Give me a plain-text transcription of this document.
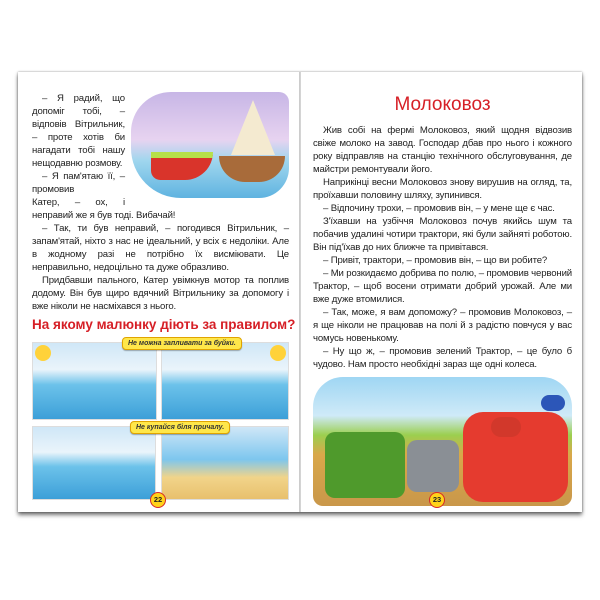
– Я радий, що допоміг тобі, – відповів Вітрильник, – проте хотів би нагадати тобі нашу нещодавню розмову.

– Я пам'ятаю її, – промовив

Катер, – ох, і неправий же я був тоді. Вибачай!

– Так, ти був неправий, – погодився Вітрильник, – запам'ятай, ніхто з нас не ідеальний, у всіх є недоліки. Але в жодному разі не потрібно їх висміювати. Це неправильно, недоцільно та дуже образливо.

Придбавши пального, Катер увімкнув мотор та поплив додому. Він був щиро вдячний Вітрильнику за допомогу і вже ніколи не насміхався з нього.

На якому малюнку діють за правилом?
Не можна запливати за буйки.
Не купайся біля причалу.
22
Молоковоз

Жив собі на фермі Молоковоз, який щодня відвозив свіже молоко на завод. Господар дбав про нього і кожного року відправляв на станцію технічного обслуговування, де майстри ремонтували його.

Наприкінці весни Молоковоз знову вирушив на огляд, та, проїхавши половину шляху, зупинився.

– Відпочину трохи, – промовив він, – у мене ще є час.

З'їхавши на узбіччя Молоковоз почув якийсь шум та побачив удалині чотири трактори, які були зайняті роботою. Він під'їхав до них ближче та привітався.

– Привіт, трактори, – промовив він, – що ви робите?

– Ми розкидаємо добрива по полю, – промовив червоний Трактор, – щоб восени отримати добрий урожай. Але ми вже дуже втомилися.

– Так, може, я вам допоможу? – промовив Молоковоз, – я ще ніколи не працював на полі й з радістю повчуся у вас чомусь новенькому.

– Ну що ж, – промовив зелений Трактор, – це було б чудово. Нам просто необхідні зараз ще одні колеса.

23
